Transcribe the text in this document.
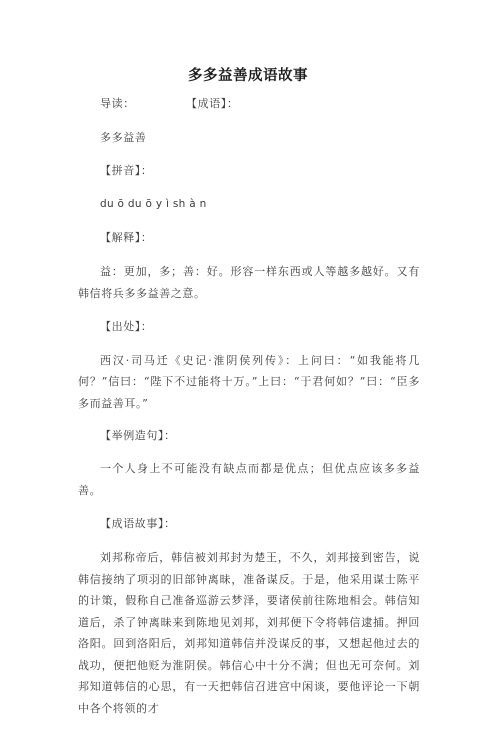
多多益善成语故事

导读：	【成语】：

多多益善

【拼音】：

du ō du ō y ì sh à n

【解释】：

益：更加，多；善：好。形容一样东西或人等越多越好。又有韩信将兵多多益善之意。

【出处】：

西汉·司马迁《史记·淮阴侯列传》：上问曰：“如我能将几何？”信曰：“陛下不过能将十万。”上曰：“于君何如？”曰：“臣多多而益善耳。”

【举例造句】：

一个人身上不可能没有缺点而都是优点；但优点应该多多益善。

【成语故事】：

刘邦称帝后，韩信被刘邦封为楚王，不久，刘邦接到密告，说韩信接纳了项羽的旧部钟离昧，准备谋反。于是，他采用谋士陈平的计策，假称自己准备巡游云梦泽，要诸侯前往陈地相会。韩信知道后，杀了钟离昧来到陈地见刘邦，刘邦便下令将韩信逮捕。押回洛阳。回到洛阳后，刘邦知道韩信并没谋反的事，又想起他过去的战功，便把他贬为淮阴侯。韩信心中十分不满；但也无可奈何。刘邦知道韩信的心思，有一天把韩信召进宫中闲谈，要他评论一下朝中各个将领的才
